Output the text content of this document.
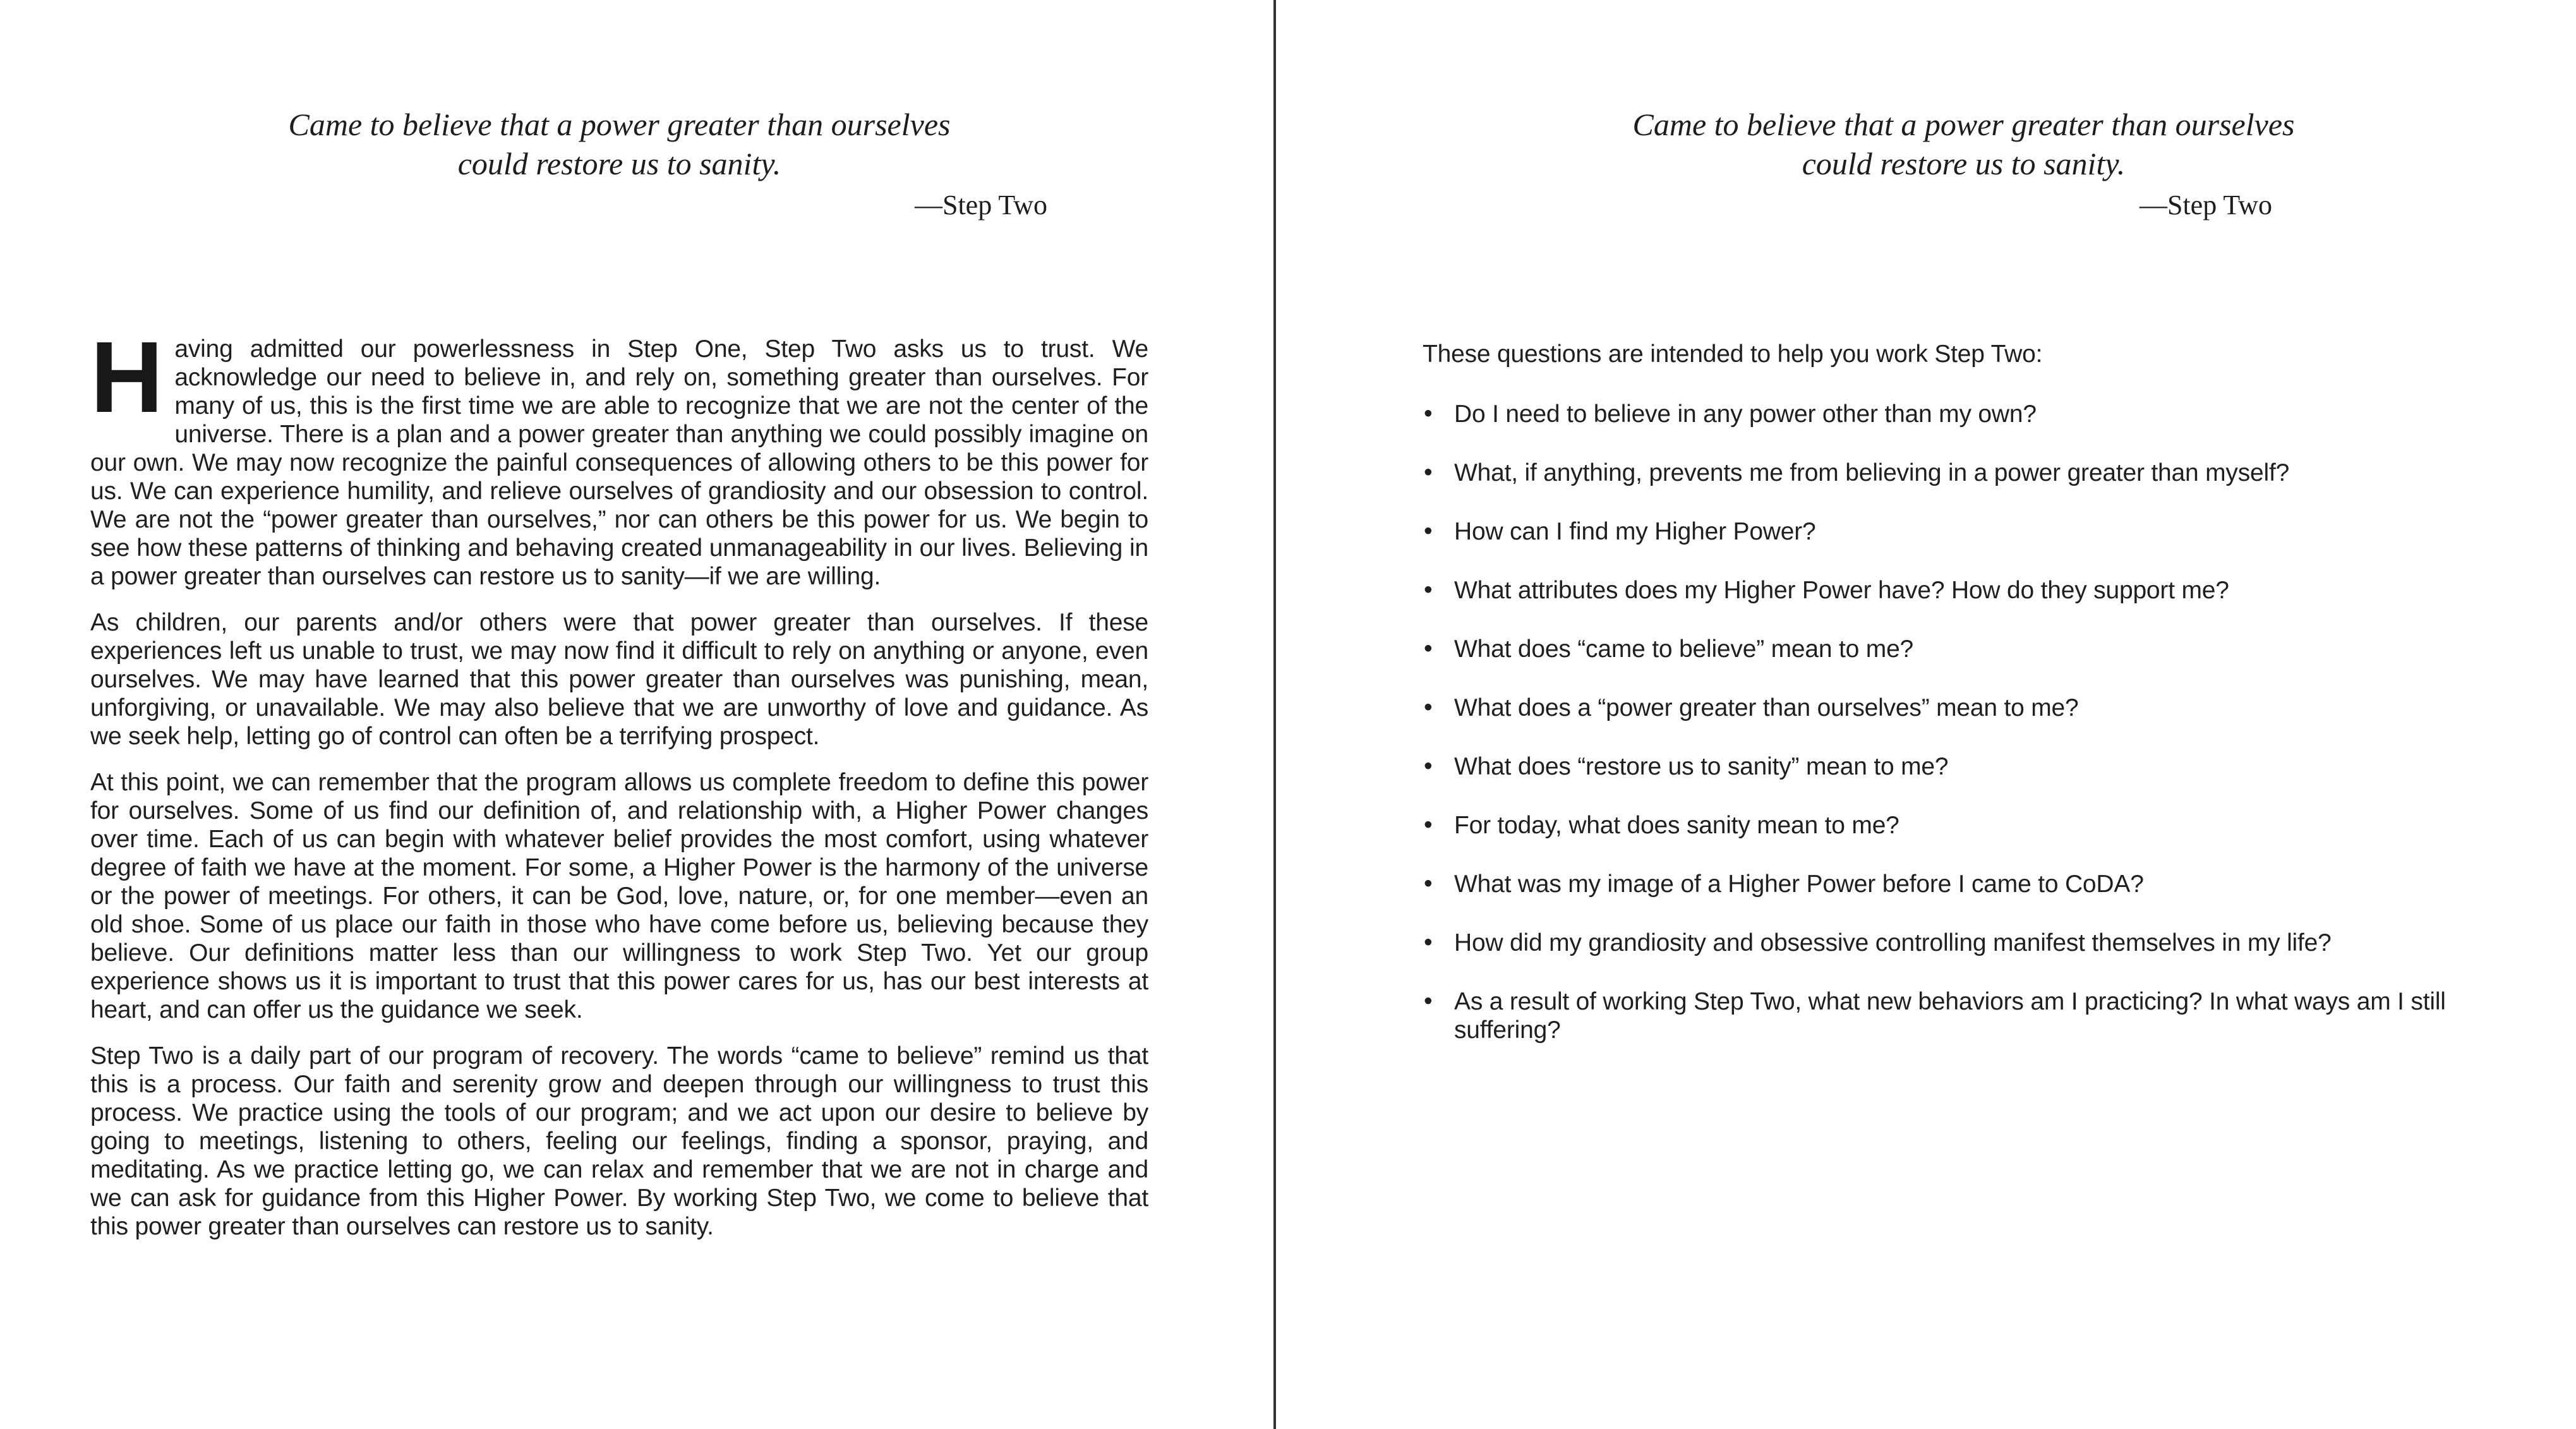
Came to believe that a power greater than ourselves
could restore us to sanity.
—Step Two

Having admitted our powerlessness in Step One, Step Two asks us to trust. We acknowledge our need to believe in, and rely on, something greater than ourselves. For many of us, this is the first time we are able to recognize that we are not the center of the universe. There is a plan and a power greater than anything we could possibly imagine on our own. We may now recognize the painful consequences of allowing others to be this power for us. We can experience humility, and relieve ourselves of grandiosity and our obsession to control. We are not the “power greater than ourselves,” nor can others be this power for us. We begin to see how these patterns of thinking and behaving created unmanageability in our lives. Believing in a power greater than ourselves can restore us to sanity—if we are willing.

As children, our parents and/or others were that power greater than ourselves. If these experiences left us unable to trust, we may now find it difficult to rely on anything or anyone, even ourselves. We may have learned that this power greater than ourselves was punishing, mean, unforgiving, or unavailable. We may also believe that we are unworthy of love and guidance. As we seek help, letting go of control can often be a terrifying prospect.

At this point, we can remember that the program allows us complete freedom to define this power for ourselves. Some of us find our definition of, and relationship with, a Higher Power changes over time. Each of us can begin with whatever belief provides the most comfort, using whatever degree of faith we have at the moment. For some, a Higher Power is the harmony of the universe or the power of meetings. For others, it can be God, love, nature, or, for one member—even an old shoe. Some of us place our faith in those who have come before us, believing because they believe. Our definitions matter less than our willingness to work Step Two. Yet our group experience shows us it is important to trust that this power cares for us, has our best interests at heart, and can offer us the guidance we seek.

Step Two is a daily part of our program of recovery. The words “came to believe” remind us that this is a process. Our faith and serenity grow and deepen through our willingness to trust this process. We practice using the tools of our program; and we act upon our desire to believe by going to meetings, listening to others, feeling our feelings, finding a sponsor, praying, and meditating. As we practice letting go, we can relax and remember that we are not in charge and we can ask for guidance from this Higher Power. By working Step Two, we come to believe that this power greater than ourselves can restore us to sanity.

Came to believe that a power greater than ourselves
could restore us to sanity.
—Step Two

These questions are intended to help you work Step Two:

• Do I need to believe in any power other than my own?
• What, if anything, prevents me from believing in a power greater than myself?
• How can I find my Higher Power?
• What attributes does my Higher Power have? How do they support me?
• What does “came to believe” mean to me?
• What does a “power greater than ourselves” mean to me?
• What does “restore us to sanity” mean to me?
• For today, what does sanity mean to me?
• What was my image of a Higher Power before I came to CoDA?
• How did my grandiosity and obsessive controlling manifest themselves in my life?
• As a result of working Step Two, what new behaviors am I practicing? In what ways am I still suffering?
